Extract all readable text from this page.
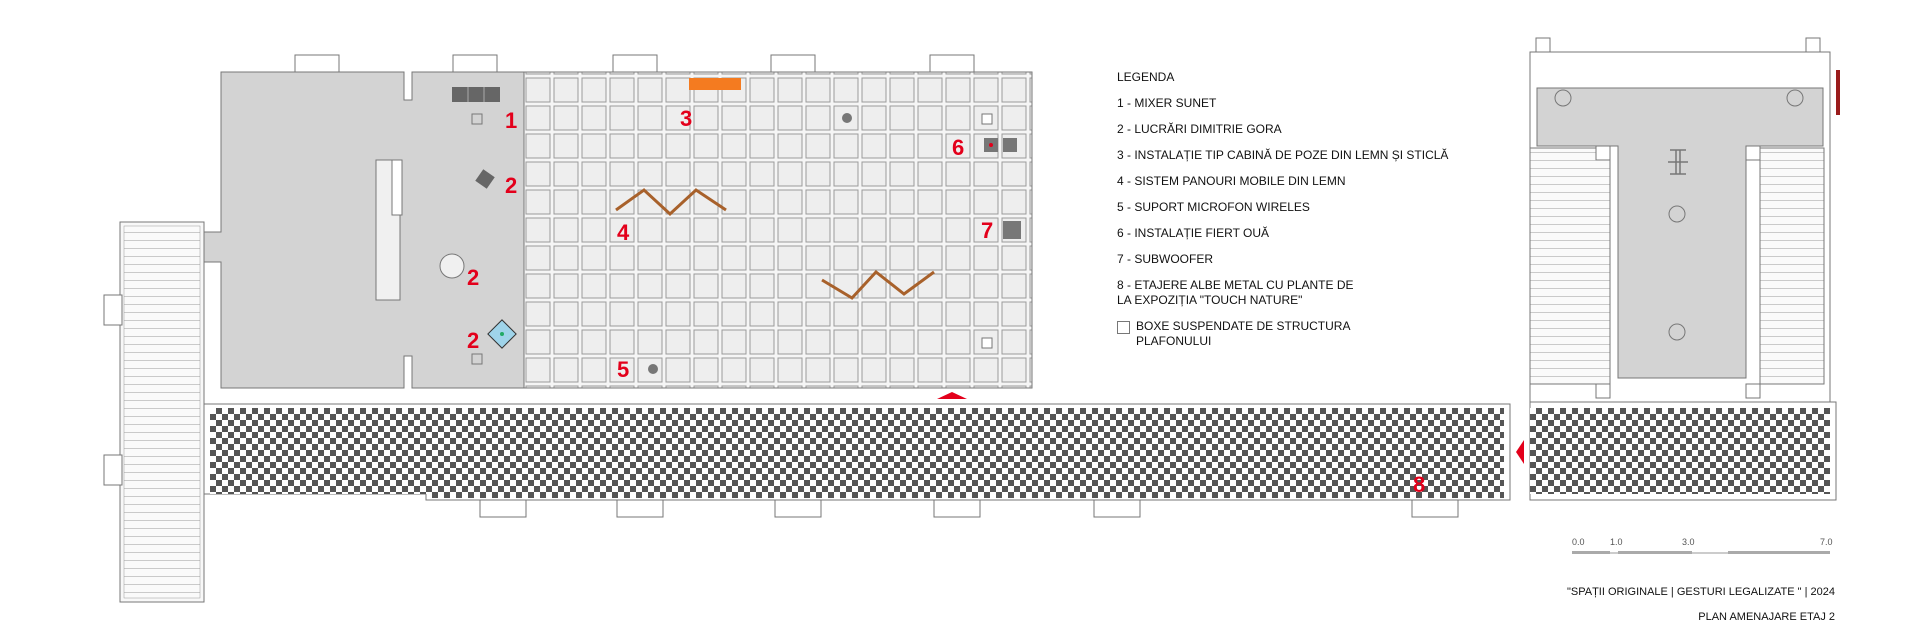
1
2
2
2
3
4
5
6
7
8
0.0	1.0	3.0	7.0
LEGENDA
1 - MIXER SUNET
2 - LUCRĂRI DIMITRIE GORA
3 - INSTALAȚIE TIP CABINĂ DE POZE DIN LEMN ȘI STICLĂ
4 - SISTEM PANOURI MOBILE DIN LEMN
5 - SUPORT MICROFON WIRELES
6 - INSTALAȚIE FIERT OUĂ
7 - SUBWOOFER
8 - ETAJERE ALBE METAL CU PLANTE DE
LA EXPOZIȚIA "TOUCH NATURE"
BOXE SUSPENDATE DE STRUCTURA
PLAFONULUI
"SPAȚII ORIGINALE | GESTURI LEGALIZATE " | 2024
PLAN AMENAJARE ETAJ 2
